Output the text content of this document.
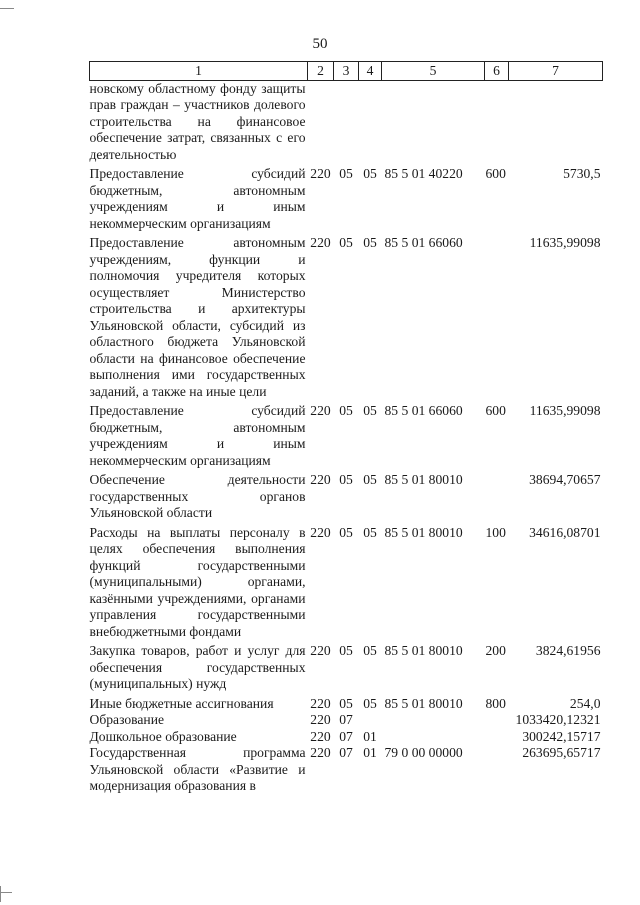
50
1	2	3	4	5	6	7
новскому областному фонду защиты прав граждан – участников долевого строительства на финансовое обеспечение затрат, связанных с его деятельностью						
Предоставление субсидий бюджетным, автономным учреждениям и иным некоммерческим организациям	220	05	05	85 5 01 40220	600	5730,5
Предоставление автономным учреждениям, функции и полномочия учредителя которых осуществляет Министерство строительства и архитектуры Ульяновской области, субсидий из областного бюджета Ульяновской области на финансовое обеспечение выполнения ими государственных заданий, а также на иные цели	220	05	05	85 5 01 66060		11635,99098
Предоставление субсидий бюджетным, автономным учреждениям и иным некоммерческим организациям	220	05	05	85 5 01 66060	600	11635,99098
Обеспечение деятельности государственных органов Ульяновской области	220	05	05	85 5 01 80010		38694,70657
Расходы на выплаты персоналу в целях обеспечения выполнения функций государственными (муниципальными) органами, казёнными учреждениями, органами управления государственными внебюджетными фондами	220	05	05	85 5 01 80010	100	34616,08701
Закупка товаров, работ и услуг для обеспечения государственных (муниципальных) нужд	220	05	05	85 5 01 80010	200	3824,61956
Иные бюджетные ассигнования	220	05	05	85 5 01 80010	800	254,0
Образование	220	07				1033420,12321
Дошкольное образование	220	07	01			300242,15717
Государственная программа Ульяновской области «Развитие и модернизация образования в	220	07	01	79 0 00 00000		263695,65717
